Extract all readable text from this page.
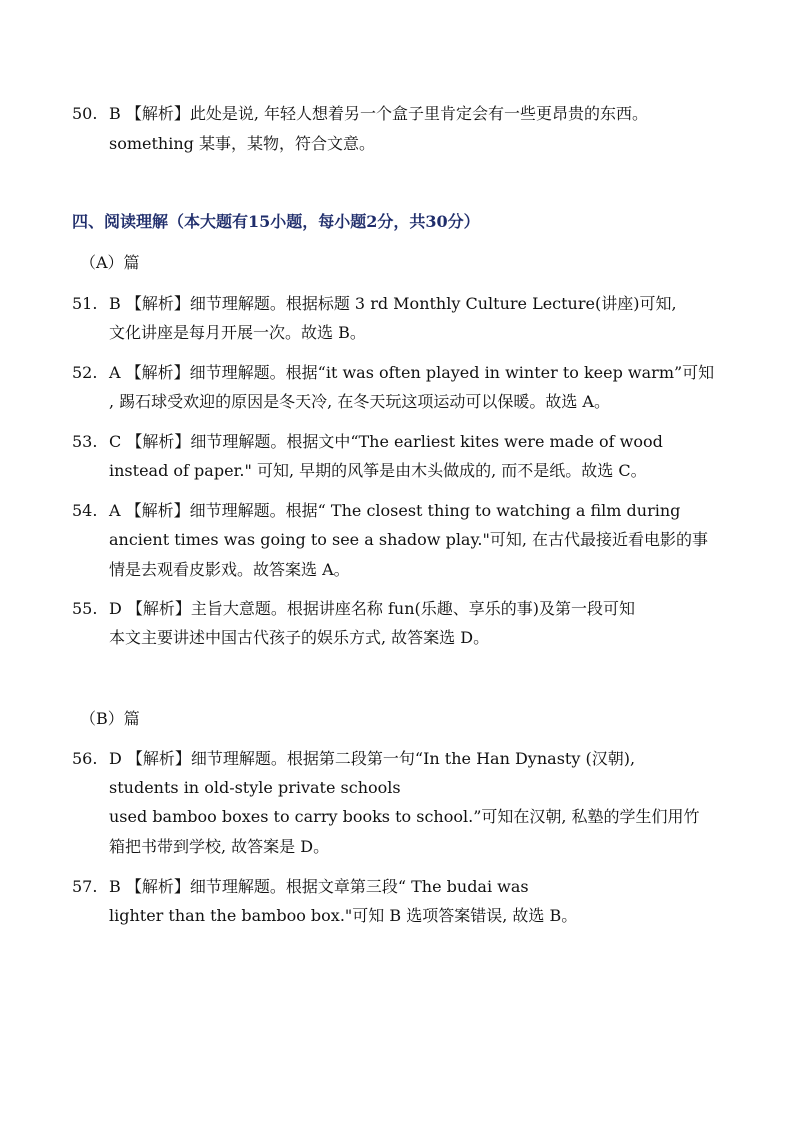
50. B 【解析】此处是说, 年轻人想着另一个盒子里肯定会有一些更昂贵的东西。
something 某事，某物，符合文意。
四、阅读理解（本大题有15小题，每小题2分，共30分）
（A）篇
51. B 【解析】细节理解题。根据标题 3 rd Monthly Culture Lecture(讲座)可知,
文化讲座是每月开展一次。故选 B。
52. A 【解析】细节理解题。根据“it was often played in winter to keep warm”可知
, 踢石球受欢迎的原因是冬天冷, 在冬天玩这项运动可以保暖。故选 A。
53. C 【解析】细节理解题。根据文中“The earliest kites were made of wood
instead of paper." 可知, 早期的风筝是由木头做成的, 而不是纸。故选 C。
54. A 【解析】细节理解题。根据“ The closest thing to watching a film during
ancient times was going to see a shadow play."可知, 在古代最接近看电影的事
情是去观看皮影戏。故答案选 A。
55. D 【解析】主旨大意题。根据讲座名称 fun(乐趣、享乐的事)及第一段可知
本文主要讲述中国古代孩子的娱乐方式, 故答案选 D。
（B）篇
56. D 【解析】细节理解题。根据第二段第一句“In the Han Dynasty (汉朝),
students in old-style private schools
used bamboo boxes to carry books to school.”可知在汉朝, 私塾的学生们用竹
箱把书带到学校, 故答案是 D。
57. B 【解析】细节理解题。根据文章第三段“ The budai was
lighter than the bamboo box."可知 B 选项答案错误, 故选 B。
